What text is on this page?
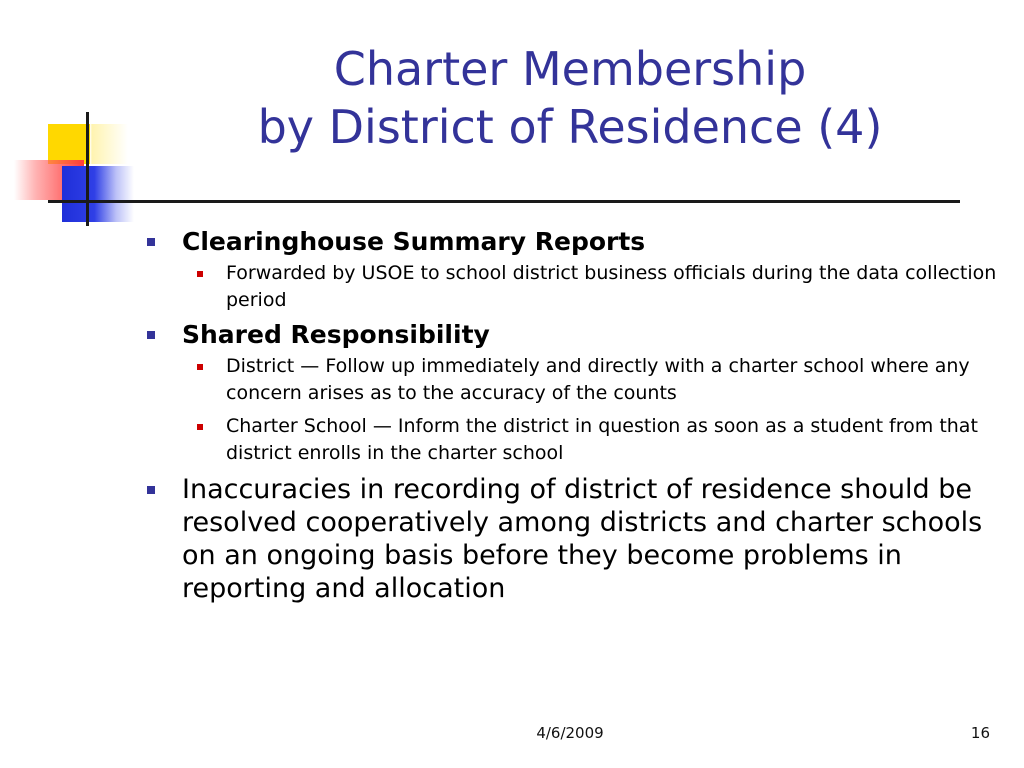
Charter Membership
by District of Residence (4)
Clearinghouse Summary Reports
Forwarded by USOE to school district business officials during the data collection period
Shared Responsibility
District — Follow up immediately and directly with a charter school where any concern arises as to the accuracy of the counts
Charter School — Inform the district in question as soon as a student from that district enrolls in the charter school
Inaccuracies in recording of district of residence should be resolved cooperatively among districts and charter schools on an ongoing basis before they become problems in reporting and allocation
4/6/2009	16
